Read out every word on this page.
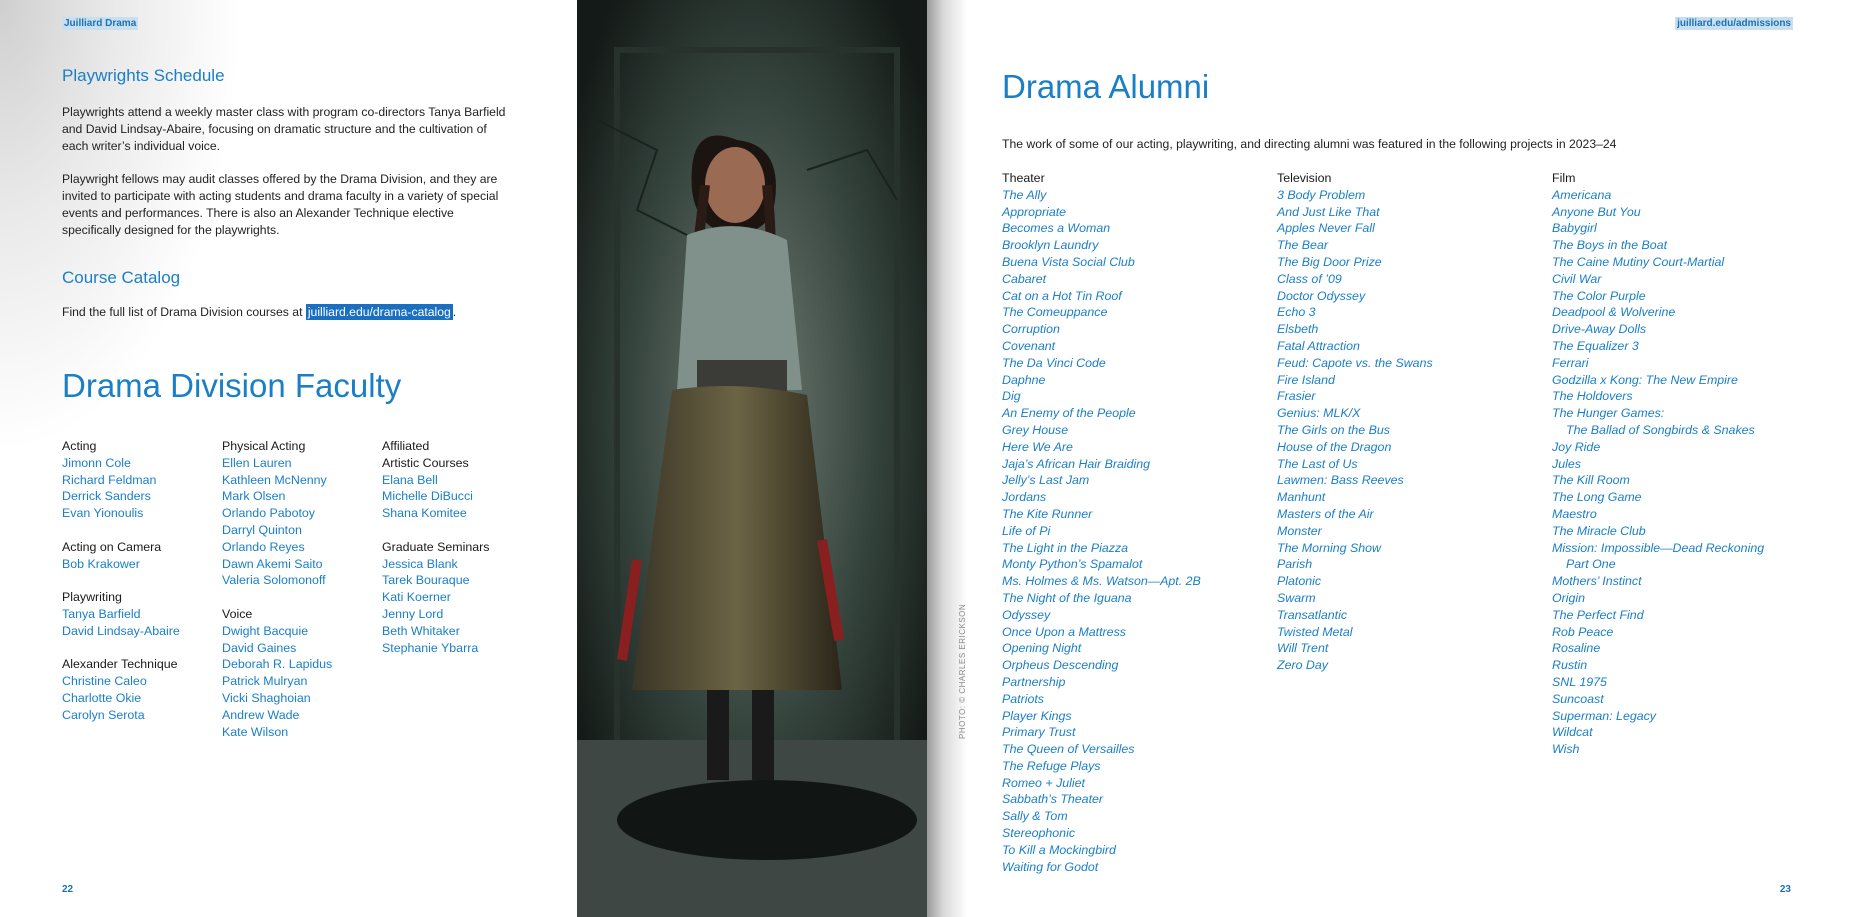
Juilliard Drama
Playwrights Schedule

Playwrights attend a weekly master class with program co-directors Tanya Barfield and David Lindsay-Abaire, focusing on dramatic structure and the cultivation of each writer’s individual voice.

Playwright fellows may audit classes offered by the Drama Division, and they are invited to participate with acting students and drama faculty in a variety of special events and performances. There is also an Alexander Technique elective specifically designed for the playwrights.

Course Catalog

Find the full list of Drama Division courses at juilliard.edu/drama-catalog .

Drama Division Faculty
Acting
Jimonn Cole
Richard Feldman
Derrick Sanders
Evan Yionoulis
Acting on Camera
Bob Krakower
Playwriting
Tanya Barfield
David Lindsay-Abaire
Alexander Technique
Christine Caleo
Charlotte Okie
Carolyn Serota
Physical Acting
Ellen Lauren
Kathleen McNenny
Mark Olsen
Orlando Pabotoy
Darryl Quinton
Orlando Reyes
Dawn Akemi Saito
Valeria Solomonoff
Voice
Dwight Bacquie
David Gaines
Deborah R. Lapidus
Patrick Mulryan
Vicki Shaghoian
Andrew Wade
Kate Wilson
Affiliated
Artistic Courses
Elana Bell
Michelle DiBucci
Shana Komitee
Graduate Seminars
Jessica Blank
Tarek Bouraque
Kati Koerner
Jenny Lord
Beth Whitaker
Stephanie Ybarra
22
PHOTO: © CHARLES ERICKSON
juilliard.edu/admissions
Drama Alumni

The work of some of our acting, playwriting, and directing alumni was featured in the following projects in 2023–24

Theater
The Ally
Appropriate
Becomes a Woman
Brooklyn Laundry
Buena Vista Social Club
Cabaret
Cat on a Hot Tin Roof
The Comeuppance
Corruption
Covenant
The Da Vinci Code
Daphne
Dig
An Enemy of the People
Grey House
Here We Are
Jaja’s African Hair Braiding
Jelly’s Last Jam
Jordans
The Kite Runner
Life of Pi
The Light in the Piazza
Monty Python’s Spamalot
Ms. Holmes & Ms. Watson—Apt. 2B
The Night of the Iguana
Odyssey
Once Upon a Mattress
Opening Night
Orpheus Descending
Partnership
Patriots
Player Kings
Primary Trust
The Queen of Versailles
The Refuge Plays
Romeo + Juliet
Sabbath’s Theater
Sally & Tom
Stereophonic
To Kill a Mockingbird
Waiting for Godot
Television
3 Body Problem
And Just Like That
Apples Never Fall
The Bear
The Big Door Prize
Class of ’09
Doctor Odyssey
Echo 3
Elsbeth
Fatal Attraction
Feud: Capote vs. the Swans
Fire Island
Frasier
Genius: MLK/X
The Girls on the Bus
House of the Dragon
The Last of Us
Lawmen: Bass Reeves
Manhunt
Masters of the Air
Monster
The Morning Show
Parish
Platonic
Swarm
Transatlantic
Twisted Metal
Will Trent
Zero Day
Film
Americana
Anyone But You
Babygirl
The Boys in the Boat
The Caine Mutiny Court-Martial
Civil War
The Color Purple
Deadpool & Wolverine
Drive-Away Dolls
The Equalizer 3
Ferrari
Godzilla x Kong: The New Empire
The Holdovers
The Hunger Games:
The Ballad of Songbirds & Snakes
Joy Ride
Jules
The Kill Room
The Long Game
Maestro
The Miracle Club
Mission: Impossible—Dead Reckoning
Part One
Mothers’ Instinct
Origin
The Perfect Find
Rob Peace
Rosaline
Rustin
SNL 1975
Suncoast
Superman: Legacy
Wildcat
Wish
23
